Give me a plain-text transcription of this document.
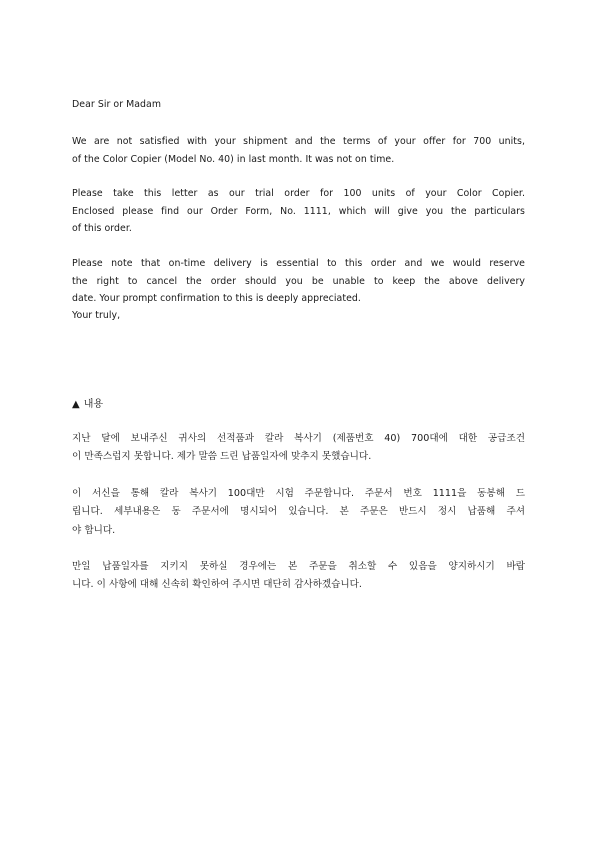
Dear Sir or Madam
We are not satisfied with your shipment and the terms of your offer for 700 units,
of the Color Copier (Model No. 40) in last month. It was not on time.
Please take this letter as our trial order for 100 units of your Color Copier.
Enclosed please find our Order Form, No. 1111, which will give you the particulars
of this order.
Please note that on-time delivery is essential to this order and we would reserve
the right to cancel the order should you be unable to keep the above delivery
date. Your prompt confirmation to this is deeply appreciated.
Your truly,
▲ 내용
지난 달에 보내주신 귀사의 선적품과 칼라 복사기 (제품번호 40) 700대에 대한 공급조건
이 만족스럽지 못합니다. 제가 말씀 드린 납품일자에 맞추지 못했습니다.
이 서신을 통해 칼라 복사기 100대만 시험 주문합니다. 주문서 번호 1111을 동봉해 드
립니다. 세부내용은 동 주문서에 명시되어 있습니다. 본 주문은 반드시 정시 납품해 주셔
야 합니다.
만일 납품일자를 지키지 못하실 경우에는 본 주문을 취소할 수 있음을 양지하시기 바랍
니다. 이 사항에 대해 신속히 확인하여 주시면 대단히 감사하겠습니다.
